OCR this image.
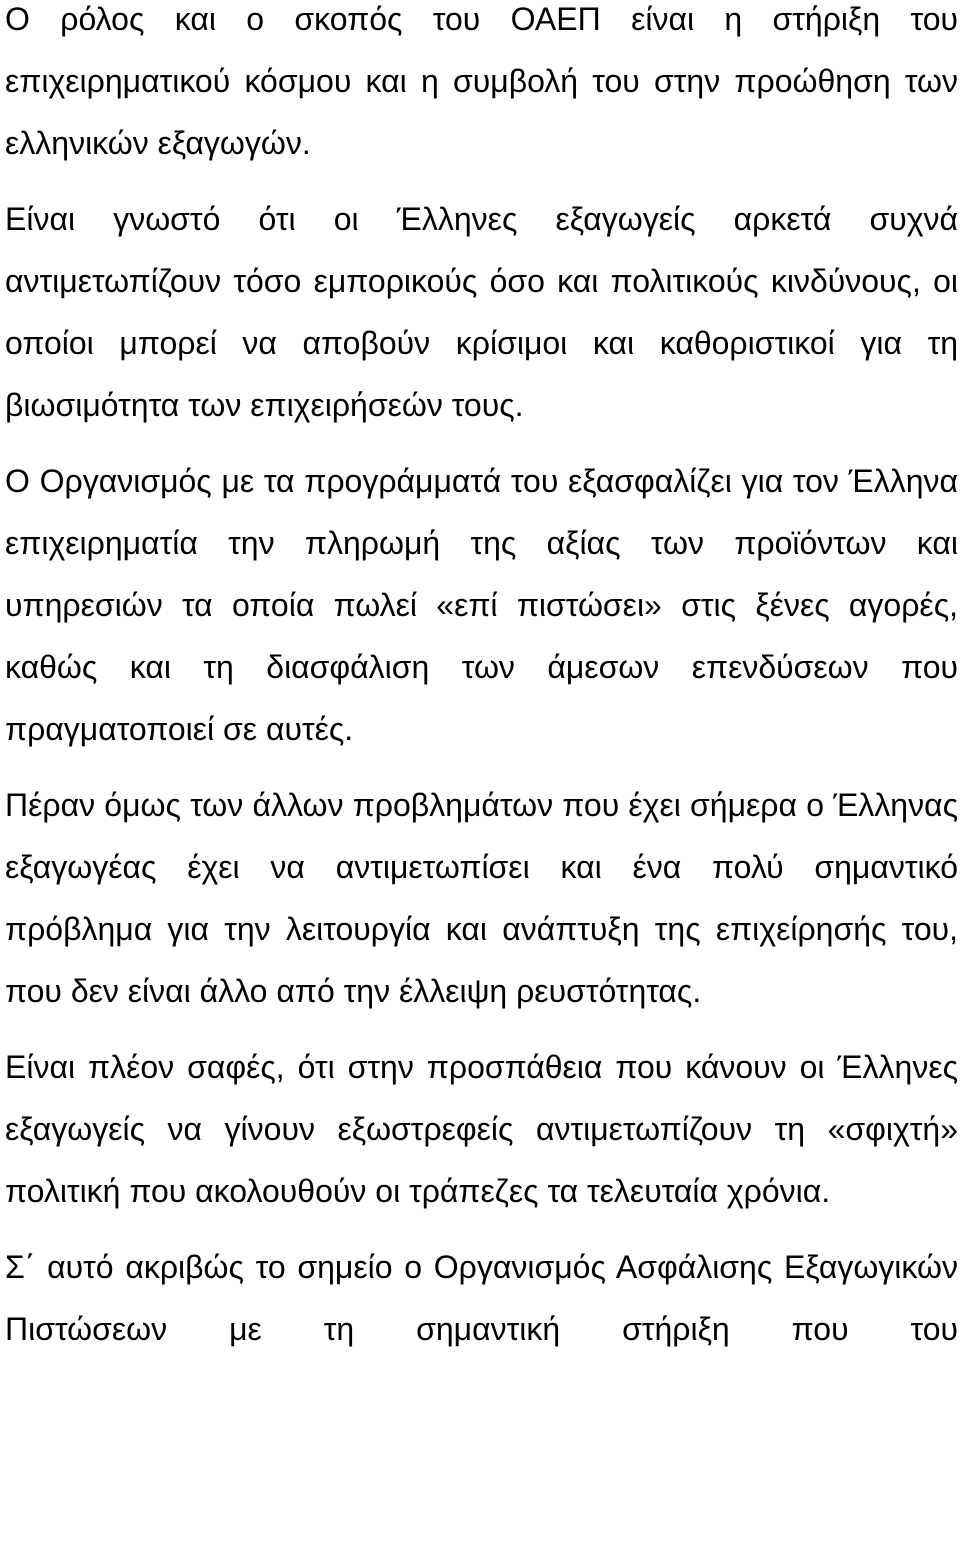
Ο ρόλος και ο σκοπός του ΟΑΕΠ είναι η στήριξη του επιχειρηματικού κόσμου και η συμβολή του στην προώθηση των ελληνικών εξαγωγών.

Είναι γνωστό ότι οι Έλληνες εξαγωγείς αρκετά συχνά αντιμετωπίζουν τόσο εμπορικούς όσο και πολιτικούς κινδύνους, οι οποίοι μπορεί να αποβούν κρίσιμοι και καθοριστικοί για τη βιωσιμότητα των επιχειρήσεών τους.

Ο Οργανισμός με τα προγράμματά του εξασφαλίζει για τον Έλληνα επιχειρηματία την πληρωμή της αξίας των προϊόντων και υπηρεσιών τα οποία πωλεί «επί πιστώσει» στις ξένες αγορές, καθώς και τη διασφάλιση των άμεσων επενδύσεων που πραγματοποιεί σε αυτές.

Πέραν όμως των άλλων προβλημάτων που έχει σήμερα ο Έλληνας εξαγωγέας έχει να αντιμετωπίσει και ένα πολύ σημαντικό πρόβλημα για την λειτουργία και ανάπτυξη της επιχείρησής του, που δεν είναι άλλο από την έλλειψη ρευστότητας.

Είναι πλέον σαφές, ότι στην προσπάθεια που κάνουν οι Έλληνες εξαγωγείς να γίνουν εξωστρεφείς αντιμετωπίζουν τη «σφιχτή» πολιτική που ακολουθούν οι τράπεζες τα τελευταία χρόνια.

Σ΄ αυτό ακριβώς το σημείο ο Οργανισμός Ασφάλισης Εξαγωγικών Πιστώσεων με τη σημαντική στήριξη που του
